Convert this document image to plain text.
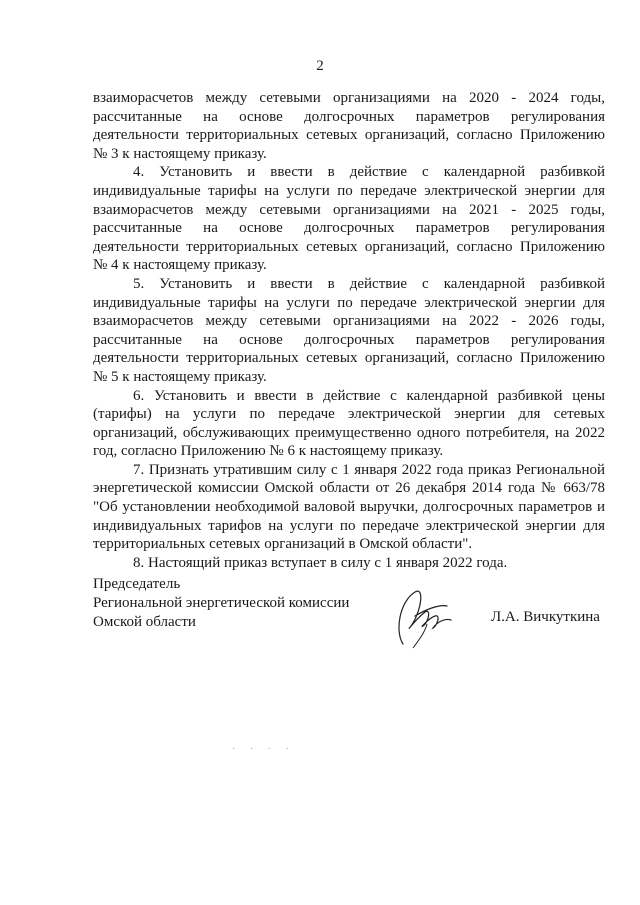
2
взаиморасчетов между сетевыми организациями на 2020 - 2024 годы,
рассчитанные на основе долгосрочных параметров регулирования
деятельности территориальных сетевых организаций, согласно Приложению
№ 3 к настоящему приказу.
4. Установить и ввести в действие с календарной разбивкой
индивидуальные тарифы на услуги по передаче электрической энергии для
взаиморасчетов между сетевыми организациями на 2021 - 2025 годы,
рассчитанные на основе долгосрочных параметров регулирования
деятельности территориальных сетевых организаций, согласно Приложению
№ 4 к настоящему приказу.
5. Установить и ввести в действие с календарной разбивкой
индивидуальные тарифы на услуги по передаче электрической энергии для
взаиморасчетов между сетевыми организациями на 2022 - 2026 годы,
рассчитанные на основе долгосрочных параметров регулирования
деятельности территориальных сетевых организаций, согласно Приложению
№ 5 к настоящему приказу.
6. Установить и ввести в действие с календарной разбивкой цены
(тарифы) на услуги по передаче электрической энергии для сетевых
организаций, обслуживающих преимущественно одного потребителя, на 2022
год, согласно Приложению № 6 к настоящему приказу.
7. Признать утратившим силу с 1 января 2022 года приказ Региональной
энергетической комиссии Омской области от 26 декабря 2014 года № 663/78
"Об установлении необходимой валовой выручки, долгосрочных параметров и
индивидуальных тарифов на услуги по передаче электрической энергии для
территориальных сетевых организаций в Омской области".
8. Настоящий приказ вступает в силу с 1 января 2022 года.
Председатель
Региональной энергетической комиссии
Омской области	Л.А. Вичкуткина
· · · ·
